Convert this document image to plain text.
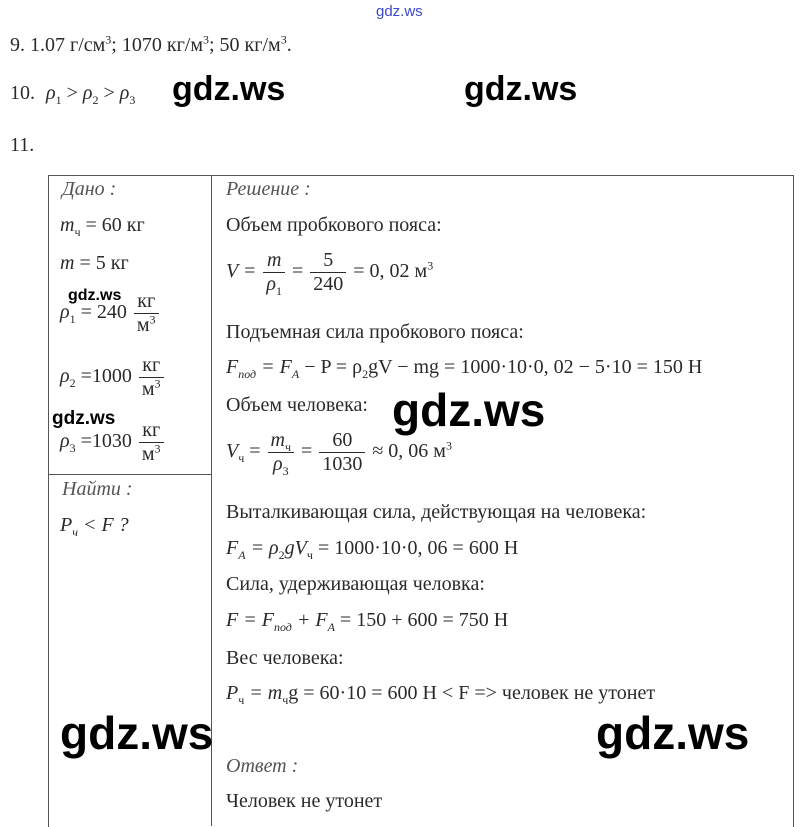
gdz.ws
9. 1.07 $г/см^3$; 1070 $кг/м^3$; 50 $кг/м^3$.
10. $\rho_1 > \rho_2 > \rho_3$ gdz.ws	gdz.ws
11.
Дано :
$m_ч = 60$ кг
m = 5 кг
gdz.ws
$\rho_1 = 240 \frac{кг}{м^3}$
$\rho_2 =1000 \frac{кг}{м^3}$
gdz.ws
$\rho_3 =1030 \frac{кг}{м^3}$
Найти :
$P_ч < F$ ?
Решение :
Объем пробкового пояса:
$V = \frac{m}{\rho_1} = \frac{5}{240} = 0$, 02 $м^3$
Подъемная сила пробкового пояса:
$F_{под} = F_A - P = \rho_2gV$ − mg = 1000·10·0, 02 − 5·10 = 150 Н
Объем человека: gdz.ws
$V_ч = \frac{m_ч}{\rho_3} = \frac{60}{1030} \approx 0$, 06 $м^3$
Выталкивающая сила, действующая на человека:
$F_A = \rho_2gV_ч = 1000\cdot 10\cdot 0$, 06 = 600 Н
Сила, удерживающая человка:
$F = F_{под} + F_A = 150 + 600 = 750$ Н
Вес человека:
$P_ч = m_чg = 60\cdot 10 = 600$ Н < F => человек не утонет
gdz.ws	gdz.ws
Ответ :
Человек не утонет
